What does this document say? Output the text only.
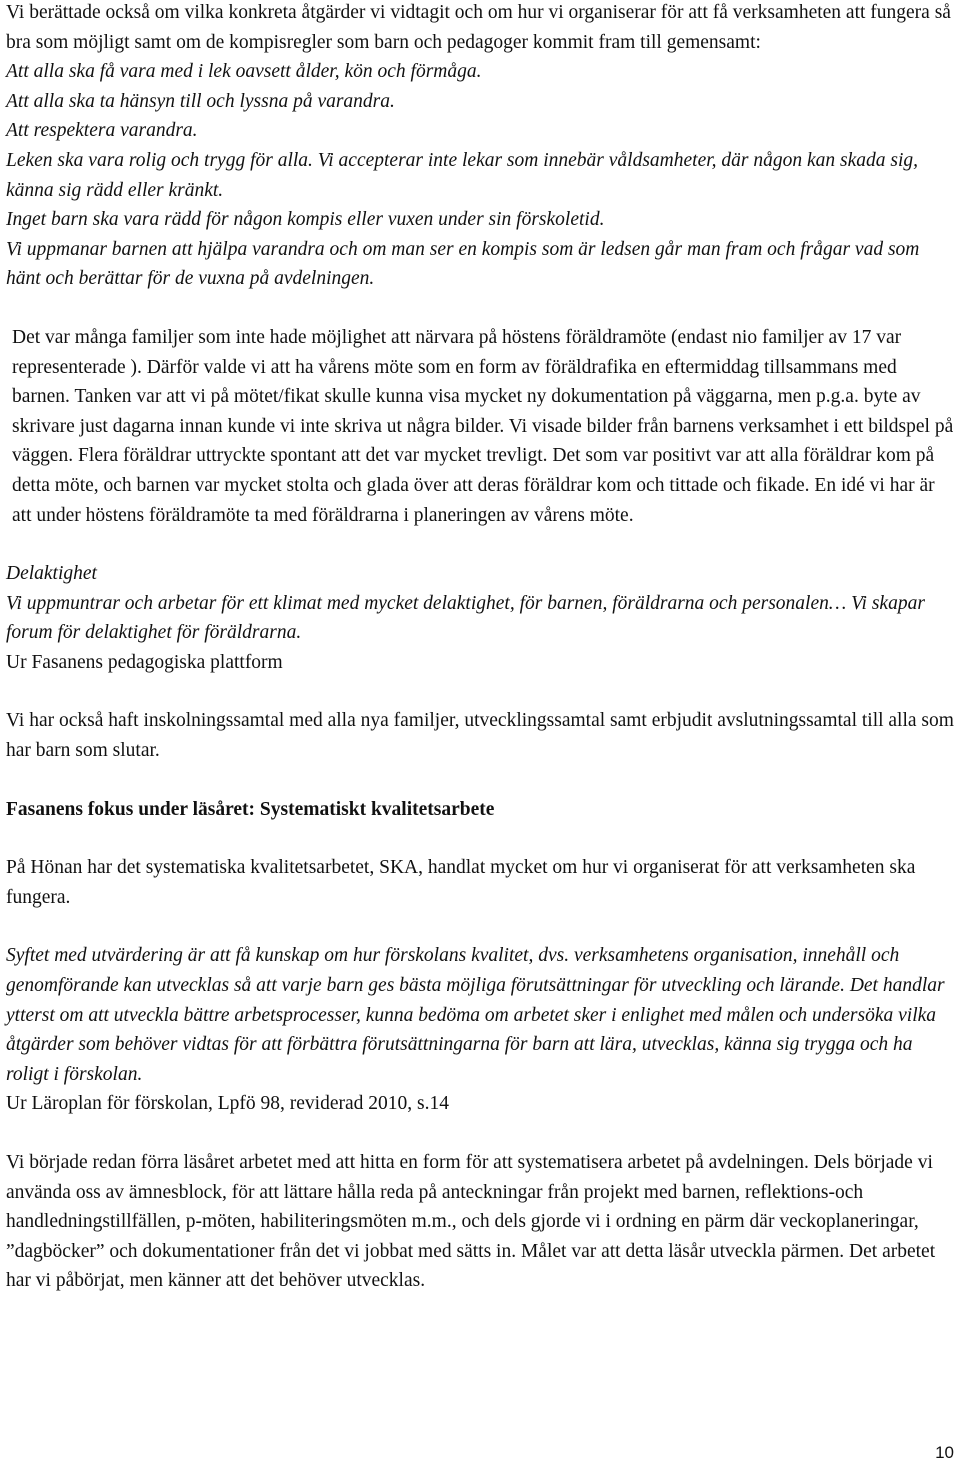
Vi berättade också om vilka konkreta åtgärder vi vidtagit och om hur vi organiserar för att få verksamheten att fungera så bra som möjligt samt om de kompisregler som barn och pedagoger kommit fram till gemensamt:

Att alla ska få vara med i lek oavsett ålder, kön och förmåga.

Att alla ska ta hänsyn till och lyssna på varandra.

Att respektera varandra.

Leken ska vara rolig och trygg för alla. Vi accepterar inte lekar som innebär våldsamheter, där någon kan skada sig, känna sig rädd eller kränkt.

Inget barn ska vara rädd för någon kompis eller vuxen under sin förskoletid.

Vi uppmanar barnen att hjälpa varandra och om man ser en kompis som är ledsen går man fram och frågar vad som hänt och berättar för de vuxna på avdelningen.

Det var många familjer som inte hade möjlighet att närvara på höstens föräldramöte (endast nio familjer av 17 var representerade ). Därför valde vi att ha vårens möte som en form av föräldrafika en eftermiddag tillsammans med barnen. Tanken var att vi på mötet/fikat skulle kunna visa mycket ny dokumentation på väggarna, men p.g.a. byte av skrivare just dagarna innan kunde vi inte skriva ut några bilder. Vi visade bilder från barnens verksamhet i ett bildspel på väggen. Flera föräldrar uttryckte spontant att det var mycket trevligt. Det som var positivt var att alla föräldrar kom på detta möte, och barnen var mycket stolta och glada över att deras föräldrar kom och tittade och fikade. En idé vi har är att under höstens föräldramöte ta med föräldrarna i planeringen av vårens möte.

Delaktighet

Vi uppmuntrar och arbetar för ett klimat med mycket delaktighet, för barnen, föräldrarna och personalen… Vi skapar forum för delaktighet för föräldrarna.

Ur Fasanens pedagogiska plattform

Vi har också haft inskolningssamtal med alla nya familjer, utvecklingssamtal samt erbjudit avslutningssamtal till alla som har barn som slutar.

Fasanens fokus under läsåret: Systematiskt kvalitetsarbete

På Hönan har det systematiska kvalitetsarbetet, SKA, handlat mycket om hur vi organiserat för att verksamheten ska fungera.

Syftet med utvärdering är att få kunskap om hur förskolans kvalitet, dvs. verksamhetens organisation, innehåll och genomförande kan utvecklas så att varje barn ges bästa möjliga förutsättningar för utveckling och lärande. Det handlar ytterst om att utveckla bättre arbetsprocesser, kunna bedöma om arbetet sker i enlighet med målen och undersöka vilka åtgärder som behöver vidtas för att förbättra förutsättningarna för barn att lära, utvecklas, känna sig trygga och ha roligt i förskolan.

Ur Läroplan för förskolan, Lpfö 98, reviderad 2010, s.14

Vi började redan förra läsåret arbetet med att hitta en form för att systematisera arbetet på avdelningen. Dels började vi använda oss av ämnesblock, för att lättare hålla reda på anteckningar från projekt med barnen, reflektions-och handledningstillfällen, p-möten, habiliteringsmöten m.m., och dels gjorde vi i ordning en pärm där veckoplaneringar, ”dagböcker” och dokumentationer från det vi jobbat med sätts in. Målet var att detta läsår utveckla pärmen. Det arbetet har vi påbörjat, men känner att det behöver utvecklas.

10
